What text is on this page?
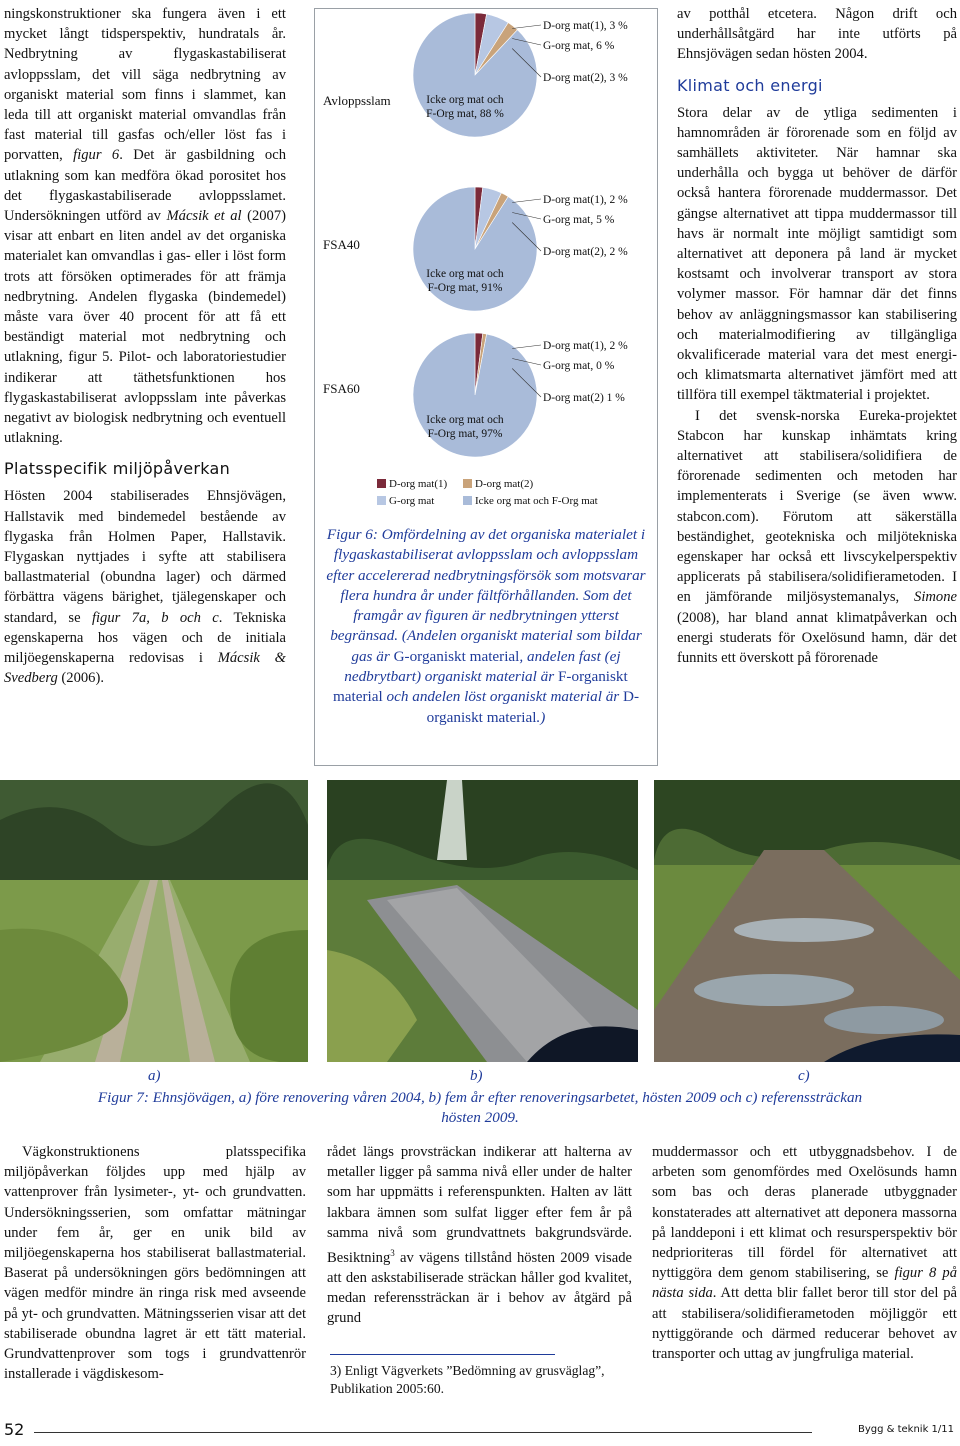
ningskonstruktioner ska fungera även i ett mycket långt tidsperspektiv, hundratals år. Nedbrytning av flygaskastabiliserat avloppsslam, det vill säga nedbrytning av organiskt material som finns i slammet, kan leda till att organiskt material omvandlas från fast material till gasfas och/eller löst fas i porvatten, figur 6. Det är gasbildning och utlakning som kan medföra ökad porositet hos det flygaskastabiliserade avloppsslamet. Undersökningen utförd av Mácsik et al (2007) visar att enbart en liten andel av det organiska materialet kan omvandlas i gas- eller i löst form trots att försöken optimerades för att främja nedbrytning. Andelen flygaska (bindemedel) måste vara över 40 procent för att få ett beständigt material mot nedbrytning och utlakning, figur 5. Pilot- och laboratoriestudier indikerar att täthetsfunktionen hos flygaskastabiliserat avloppsslam inte påverkas negativt av biologisk nedbrytning och eventuell utlakning.

Platsspecifik miljöpåverkan

Hösten 2004 stabiliserades Ehnsjövägen, Hallstavik med bindemedel bestående av flygaska från Holmen Paper, Hallstavik. Flygaskan nyttjades i syfte att stabilisera ballastmaterial (obundna lager) och därmed förbättra vägens bärighet, tjälegenskaper och standard, se figur 7a, b och c. Tekniska egenskaperna hos vägen och de initiala miljöegenskaperna redovisas i Mácsik & Svedberg (2006).

Avloppsslam
D-org mat(1), 3 %
G-org mat, 6 %
D-org mat(2), 3 %
Icke org mat och
F-Org mat, 88 %
FSA40
D-org mat(1), 2 %
G-org mat, 5 %
D-org mat(2), 2 %
Icke org mat och
F-Org mat, 91%
FSA60
D-org mat(1), 2 %
G-org mat, 0 %
D-org mat(2) 1 %
Icke org mat och
F-Org mat, 97%
D-org mat(1)	D-org mat(2)
G-org mat	Icke org mat och F-Org mat
Figur 6: Omfördelning av det organiska materialet i flygaskastabiliserat avloppsslam och avloppsslam efter accelererad nedbrytningsförsök som motsvarar flera hundra år under fältförhållanden. Som det framgår av figuren är nedbrytningen ytterst begränsad. (Andelen organiskt material som bildar gas är G-organiskt material, andelen fast (ej nedbrytbart) organiskt material är F-organiskt material och andelen löst organiskt material är D-organiskt material.)

av potthål etcetera. Någon drift och underhållsåtgärd har inte utförts på Ehnsjövägen sedan hösten 2004.

Klimat och energi

Stora delar av de ytliga sedimenten i hamnområden är förorenade som en följd av samhällets aktiviteter. När hamnar ska underhålla och bygga ut behöver de därför också hantera förorenade muddermassor. Det gängse alternativet att tippa muddermassor till havs är normalt inte möjligt samtidigt som alternativet att deponera på land är mycket kostsamt och involverar transport av stora volymer massor. För hamnar där det finns behov av anläggningsmassor kan stabilisering och materialmodifiering av tillgängliga okvalificerade material vara det mest energi- och klimatsmarta alternativet jämfört med att tillföra till exempel täktmaterial i projektet.

I det svensk-norska Eureka-projektet Stabcon har kunskap inhämtats kring alternativet att stabilisera/solidifiera de förorenade sedimenten och metoden har implementerats i Sverige (se även www. stabcon.com). Förutom att säkerställa beständighet, geotekniska och miljötekniska egenskaper har också ett livscykelperspektiv applicerats på stabilisera/solidifierametoden. I en jämförande miljösystemanalys, Simone (2008), har bland annat klimatpåverkan och energi studerats för Oxelösund hamn, där det funnits ett överskott på förorenade

a)	b)	c)
Figur 7: Ehnsjövägen, a) före renovering våren 2004, b) fem år efter renoveringsarbetet, hösten 2009 och c) referenssträckan hösten 2009.
Vägkonstruktionens platsspecifika miljöpåverkan följdes upp med hjälp av vattenprover från lysimeter-, yt- och grundvatten. Undersökningsserien, som omfattar mätningar under fem år, ger en unik bild av miljöegenskaperna hos stabiliserat ballastmaterial. Baserat på undersökningen görs bedömningen att vägen medför mindre än ringa risk med avseende på yt- och grundvatten. Mätningsserien visar att det stabiliserade obundna lagret är ett tätt material. Grundvattenprover som togs i grundvattenrör installerade i vägdiskesom-
rådet längs provsträckan indikerar att halterna av metaller ligger på samma nivå eller under de halter som har uppmätts i referenspunkten. Halten av lätt lakbara ämnen som sulfat ligger efter fem år på samma nivå som grundvattnets bakgrundsvärde. Besiktning$^3$ av vägens tillstånd hösten 2009 visade att den askstabiliserade sträckan håller god kvalitet, medan referenssträckan är i behov av åtgärd på grund
3) Enligt Vägverkets ”Bedömning av grusväglag”, Publikation 2005:60.
muddermassor och ett utbyggnadsbehov. I de arbeten som genomfördes med Oxelösunds hamn som bas och deras planerade utbyggnader konstaterades att alternativet att deponera massorna på landdeponi i ett klimat och resursperspektiv bör nedprioriteras till fördel för alternativet att nyttiggöra dem genom stabilisering, se figur 8 på nästa sida. Att detta blir fallet beror till stor del på att stabilisera/solidifierametoden möjliggör ett nyttiggörande och därmed reducerar behovet av transporter och uttag av jungfruliga material.
52	Bygg & teknik 1/11
